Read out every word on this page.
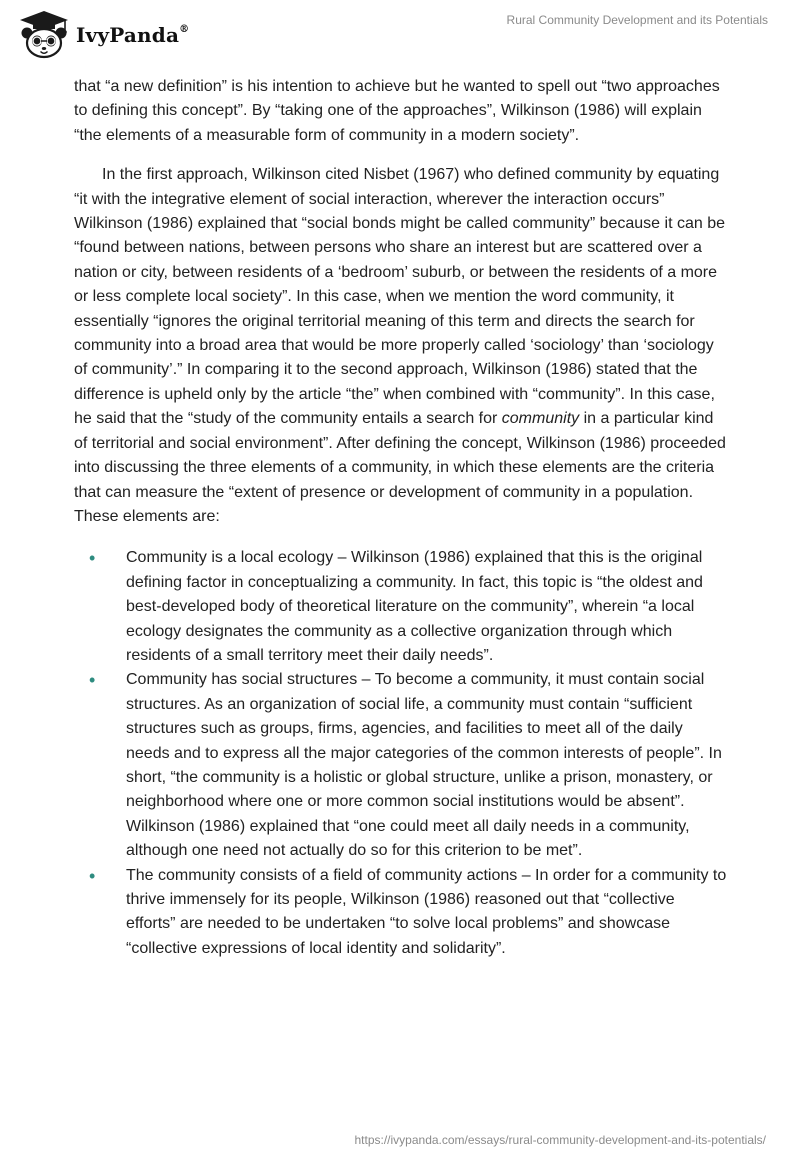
IvyPanda®
Rural Community Development and its Potentials

that “a new definition” is his intention to achieve but he wanted to spell out “two approaches to defining this concept”. By “taking one of the approaches”, Wilkinson (1986) will explain “the elements of a measurable form of community in a modern society”.

In the first approach, Wilkinson cited Nisbet (1967) who defined community by equating “it with the integrative element of social interaction, wherever the interaction occurs” Wilkinson (1986) explained that “social bonds might be called community” because it can be “found between nations, between persons who share an interest but are scattered over a nation or city, between residents of a ‘bedroom’ suburb, or between the residents of a more or less complete local society”. In this case, when we mention the word community, it essentially “ignores the original territorial meaning of this term and directs the search for community into a broad area that would be more properly called ‘sociology’ than ‘sociology of community’.” In comparing it to the second approach, Wilkinson (1986) stated that the difference is upheld only by the article “the” when combined with “community”. In this case, he said that the “study of the community entails a search for community in a particular kind of territorial and social environment”. After defining the concept, Wilkinson (1986) proceeded into discussing the three elements of a community, in which these elements are the criteria that can measure the “extent of presence or development of community in a population. These elements are:

• Community is a local ecology – Wilkinson (1986) explained that this is the original defining factor in conceptualizing a community. In fact, this topic is “the oldest and best-developed body of theoretical literature on the community”, wherein “a local ecology designates the community as a collective organization through which residents of a small territory meet their daily needs”.
• Community has social structures – To become a community, it must contain social structures. As an organization of social life, a community must contain “sufficient structures such as groups, firms, agencies, and facilities to meet all of the daily needs and to express all the major categories of the common interests of people”. In short, “the community is a holistic or global structure, unlike a prison, monastery, or neighborhood where one or more common social institutions would be absent”. Wilkinson (1986) explained that “one could meet all daily needs in a community, although one need not actually do so for this criterion to be met”.
• The community consists of a field of community actions – In order for a community to thrive immensely for its people, Wilkinson (1986) reasoned out that “collective efforts” are needed to be undertaken “to solve local problems” and showcase “collective expressions of local identity and solidarity”.
https://ivypanda.com/essays/rural-community-development-and-its-potentials/
